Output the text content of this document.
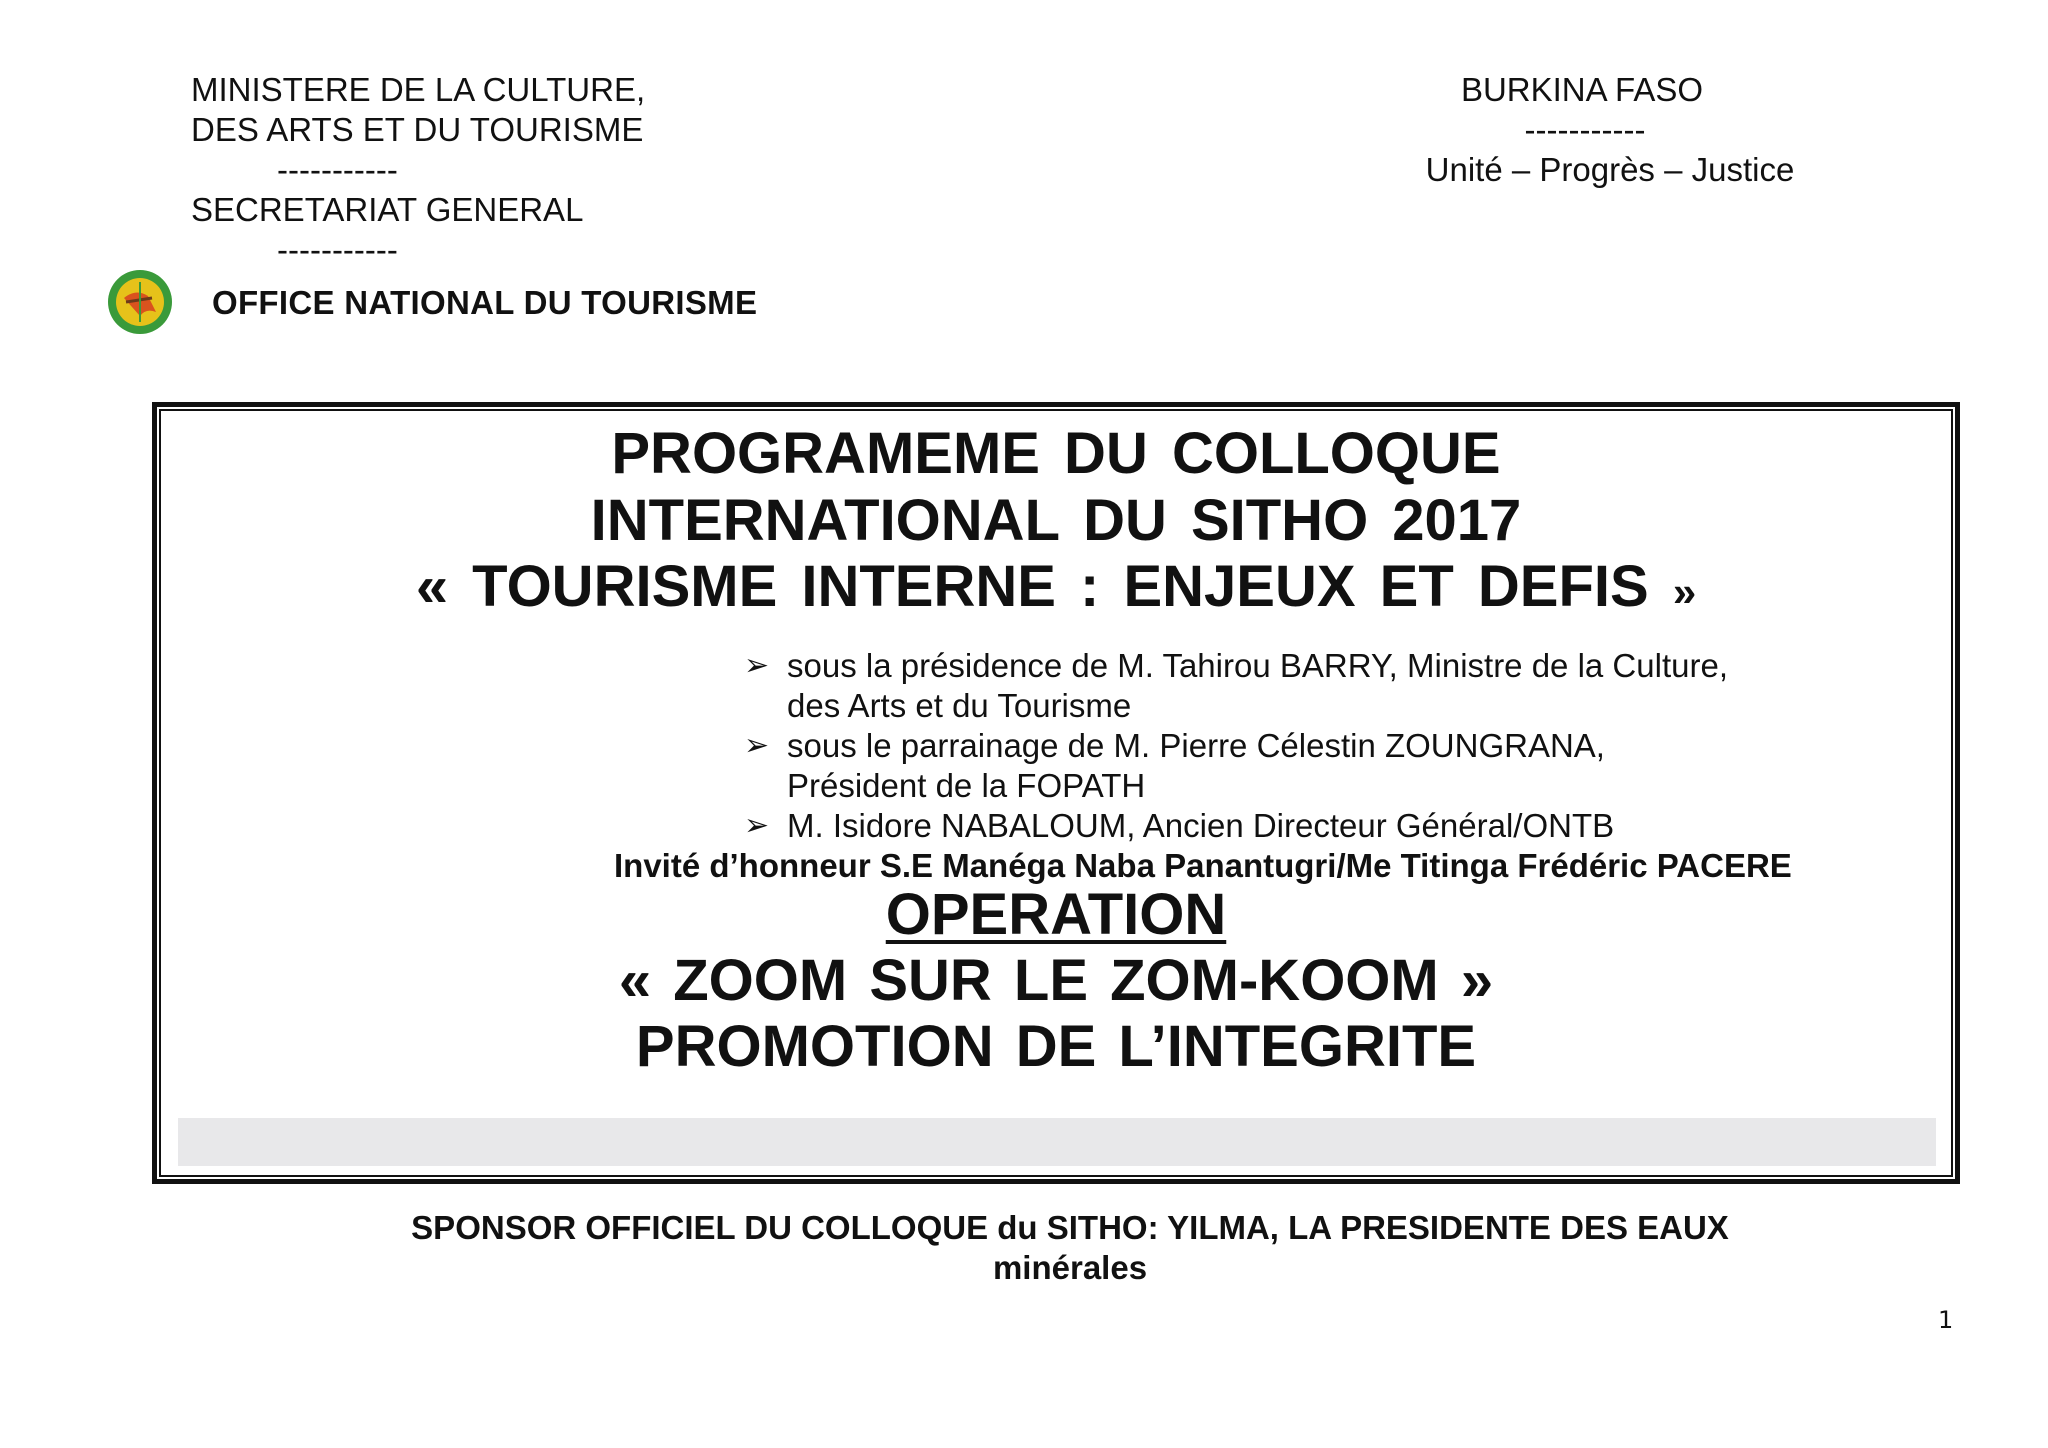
MINISTERE DE LA CULTURE,
DES ARTS ET DU TOURISME
-----------
SECRETARIAT GENERAL
-----------
BURKINA FASO
-----------
Unité – Progrès – Justice
OFFICE NATIONAL DU TOURISME
PROGRAMEME DU COLLOQUE
INTERNATIONAL DU SITHO 2017
« TOURISME INTERNE : ENJEUX ET DEFIS »
➢ sous la présidence de M. Tahirou BARRY, Ministre de la Culture,
des Arts et du Tourisme
➢ sous le parrainage de M. Pierre Célestin ZOUNGRANA,
Président de la FOPATH
➢ M. Isidore NABALOUM, Ancien Directeur Général/ONTB
Invité d’honneur S.E Manéga Naba Panantugri/Me Titinga Frédéric PACERE
OPERATION
« ZOOM SUR LE ZOM-KOOM »
PROMOTION DE L’INTEGRITE
SPONSOR OFFICIEL DU COLLOQUE du SITHO: YILMA, LA PRESIDENTE DES EAUX
minérales
1
